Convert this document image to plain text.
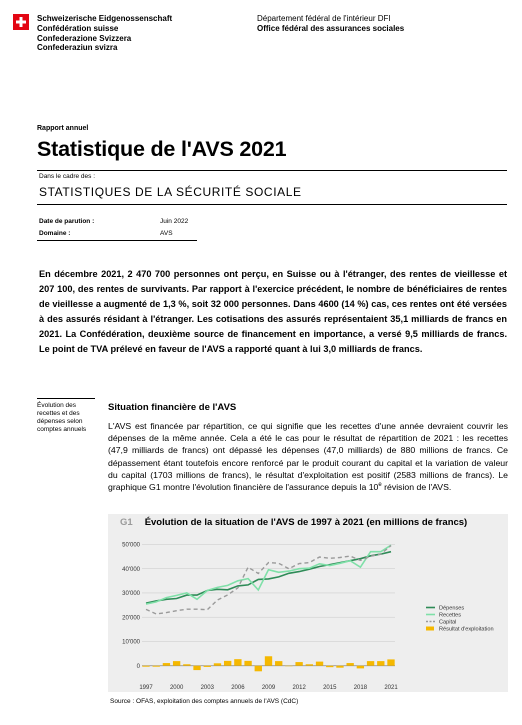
Schweizerische Eidgenossenschaft
Confédération suisse
Confederazione Svizzera
Confederaziun svizra
Département fédéral de l'intérieur DFI
Office fédéral des assurances sociales
Rapport annuel
Statistique de l'AVS 2021
Dans le cadre des :
STATISTIQUES DE LA SÉCURITÉ SOCIALE
Date de parution :	Juin 2022
Domaine :	AVS
En décembre 2021, 2 470 700 personnes ont perçu, en Suisse ou à l'étranger, des rentes de vieillesse et 207 100, des rentes de survivants. Par rapport à l'exercice précédent, le nombre de bénéficiaires de rentes de vieillesse a augmenté de 1,3 %, soit 32 000 personnes. Dans 4600 (14 %) cas, ces rentes ont été versées à des assurés résidant à l'étranger. Les cotisations des assurés représentaient 35,1 milliards de francs en 2021. La Confédération, deuxième source de financement en importance, a versé 9,5 milliards de francs. Le point de TVA prélevé en faveur de l'AVS a rapporté quant à lui 3,0 milliards de francs.
Évolution des recettes et des dépenses selon comptes annuels
Situation financière de l'AVS
L'AVS est financée par répartition, ce qui signifie que les recettes d'une année devraient couvrir les dépenses de la même année. Cela a été le cas pour le résultat de répartition de 2021 : les recettes (47,9 milliards de francs) ont dépassé les dépenses (47,0 milliards) de 880 millions de francs. Ce dépassement étant toutefois encore renforcé par le produit courant du capital et la variation de valeur du capital (1703 millions de francs), le résultat d'exploitation est positif (2583 millions de francs). Le graphique G1 montre l'évolution financière de l'assurance depuis la 10e révision de l'AVS.
G1 Évolution de la situation de l'AVS de 1997 à 2021 (en millions de francs)
0
10'000
20'000
30'000
40'000
50'000
1997	2000	2003	2006	2009	2012	2015	2018	2021
Dépenses
Recettes
Capital
Résultat d'exploitation
Source : OFAS, exploitation des comptes annuels de l'AVS (CdC)
